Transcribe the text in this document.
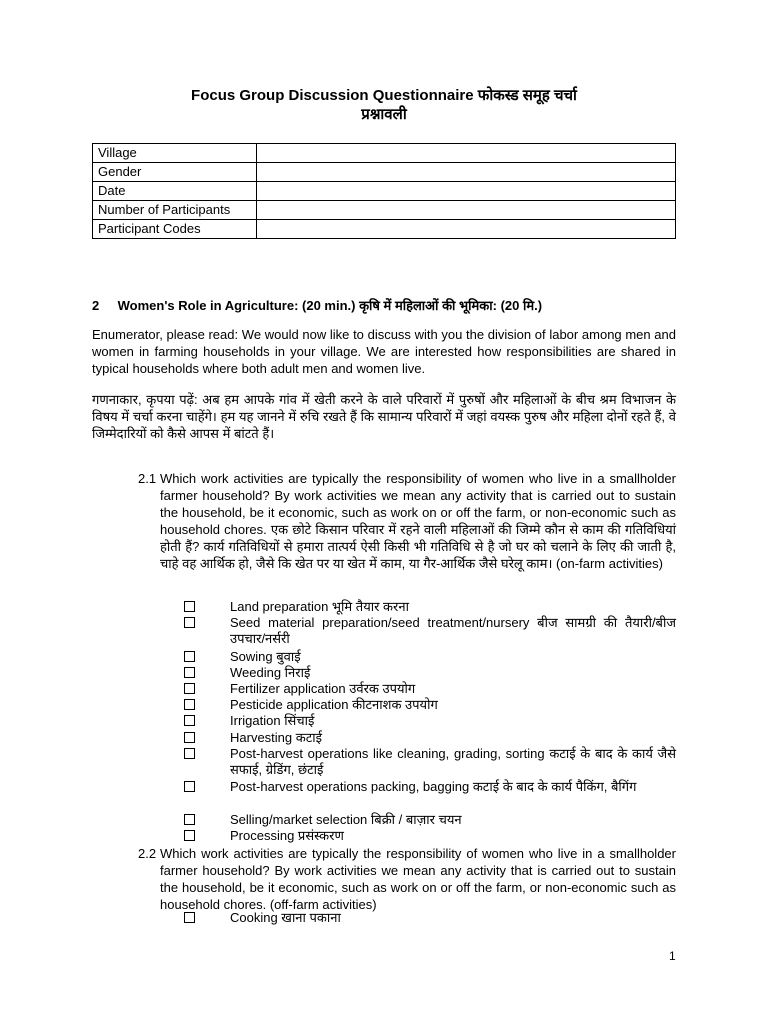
Focus Group Discussion Questionnaire फोकस्ड समूह चर्चा
प्रश्नावली
Village	
Gender	
Date	
Number of Participants	
Participant Codes	
2 Women's Role in Agriculture: (20 min.) कृषि में महिलाओं की भूमिका: (20 मि.)

Enumerator, please read: We would now like to discuss with you the division of labor among men and women in farming households in your village. We are interested how responsibilities are shared in typical households where both adult men and women live.

गणनाकार, कृपया पढ़ें: अब हम आपके गांव में खेती करने के वाले परिवारों में पुरुषों और महिलाओं के बीच श्रम विभाजन के विषय में चर्चा करना चाहेंगे। हम यह जानने में रुचि रखते हैं कि सामान्य परिवारों में जहां वयस्क पुरुष और महिला दोनों रहते हैं, वे जिम्मेदारियों को कैसे आपस में बांटते हैं।

2.1 Which work activities are typically the responsibility of women who live in a smallholder farmer household? By work activities we mean any activity that is carried out to sustain the household, be it economic, such as work on or off the farm, or non-economic such as household chores. एक छोटे किसान परिवार में रहने वाली महिलाओं की जिम्मे कौन से काम की गतिविधियां होती हैं? कार्य गतिविधियों से हमारा तात्पर्य ऐसी किसी भी गतिविधि से है जो घर को चलाने के लिए की जाती है, चाहे वह आर्थिक हो, जैसे कि खेत पर या खेत में काम, या गैर-आर्थिक जैसे घरेलू काम। (on-farm activities)

Land preparation भूमि तैयार करना
Seed material preparation/seed treatment/nursery बीज सामग्री की तैयारी/बीज उपचार/नर्सरी
Sowing बुवाई
Weeding निराई
Fertilizer application उर्वरक उपयोग
Pesticide application कीटनाशक उपयोग
Irrigation सिंचाई
Harvesting कटाई
Post-harvest operations like cleaning, grading, sorting कटाई के बाद के कार्य जैसे सफाई, ग्रेडिंग, छंटाई
Post-harvest operations packing, bagging कटाई के बाद के कार्य पैकिंग, बैगिंग
Selling/market selection बिक्री / बाज़ार चयन
Processing प्रसंस्करण
2.2 Which work activities are typically the responsibility of women who live in a smallholder farmer household? By work activities we mean any activity that is carried out to sustain the household, be it economic, such as work on or off the farm, or non-economic such as household chores. (off-farm activities)

Cooking खाना पकाना
1
